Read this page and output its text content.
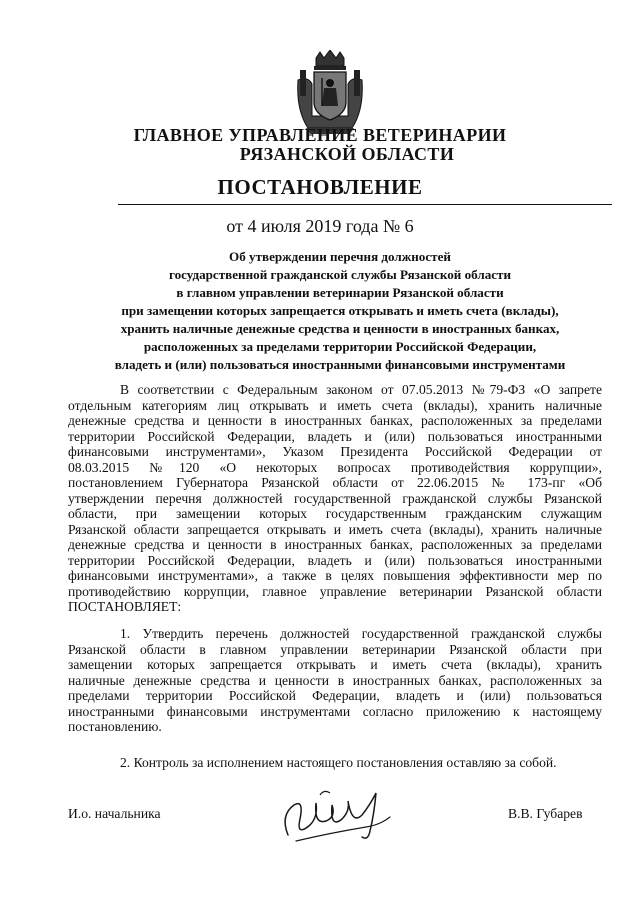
ГЛАВНОЕ УПРАВЛЕНИЕ ВЕТЕРИНАРИИ
РЯЗАНСКОЙ ОБЛАСТИ
ПОСТАНОВЛЕНИЕ
от 4 июля 2019 года № 6
Об утверждении перечня должностей
государственной гражданской службы Рязанской области
в главном управлении ветеринарии Рязанской области
при замещении которых запрещается открывать и иметь счета (вклады),
хранить наличные денежные средства и ценности в иностранных банках,
расположенных за пределами территории Российской Федерации,
владеть и (или) пользоваться иностранными финансовыми инструментами
В соответствии с Федеральным законом от 07.05.2013 №79-ФЗ «О запрете
отдельным категориям лиц открывать и иметь счета (вклады), хранить наличные
денежные средства и ценности в иностранных банках, расположенных за пределами
территории Российской Федерации, владеть и (или) пользоваться иностранными
финансовыми инструментами», Указом Президента Российской Федерации от
08.03.2015 №120 «О некоторых вопросах противодействия коррупции»,
постановлением Губернатора Рязанской области от 22.06.2015 № 173-пг «Об
утверждении перечня должностей государственной гражданской службы Рязанской
области, при замещении которых государственным гражданским служащим
Рязанской области запрещается открывать и иметь счета (вклады), хранить наличные
денежные средства и ценности в иностранных банках, расположенных за пределами
территории Российской Федерации, владеть и (или) пользоваться иностранными
финансовыми инструментами», а также в целях повышения эффективности мер по
противодействию коррупции, главное управление ветеринарии Рязанской области
ПОСТАНОВЛЯЕТ:
1. Утвердить перечень должностей государственной гражданской службы
Рязанской области в главном управлении ветеринарии Рязанской области при
замещении которых запрещается открывать и иметь счета (вклады), хранить
наличные денежные средства и ценности в иностранных банках, расположенных за
пределами территории Российской Федерации, владеть и (или) пользоваться
иностранными финансовыми инструментами согласно приложению к настоящему
постановлению.
2. Контроль за исполнением настоящего постановления оставляю за собой.
И.о. начальника	В.В. Губарев
